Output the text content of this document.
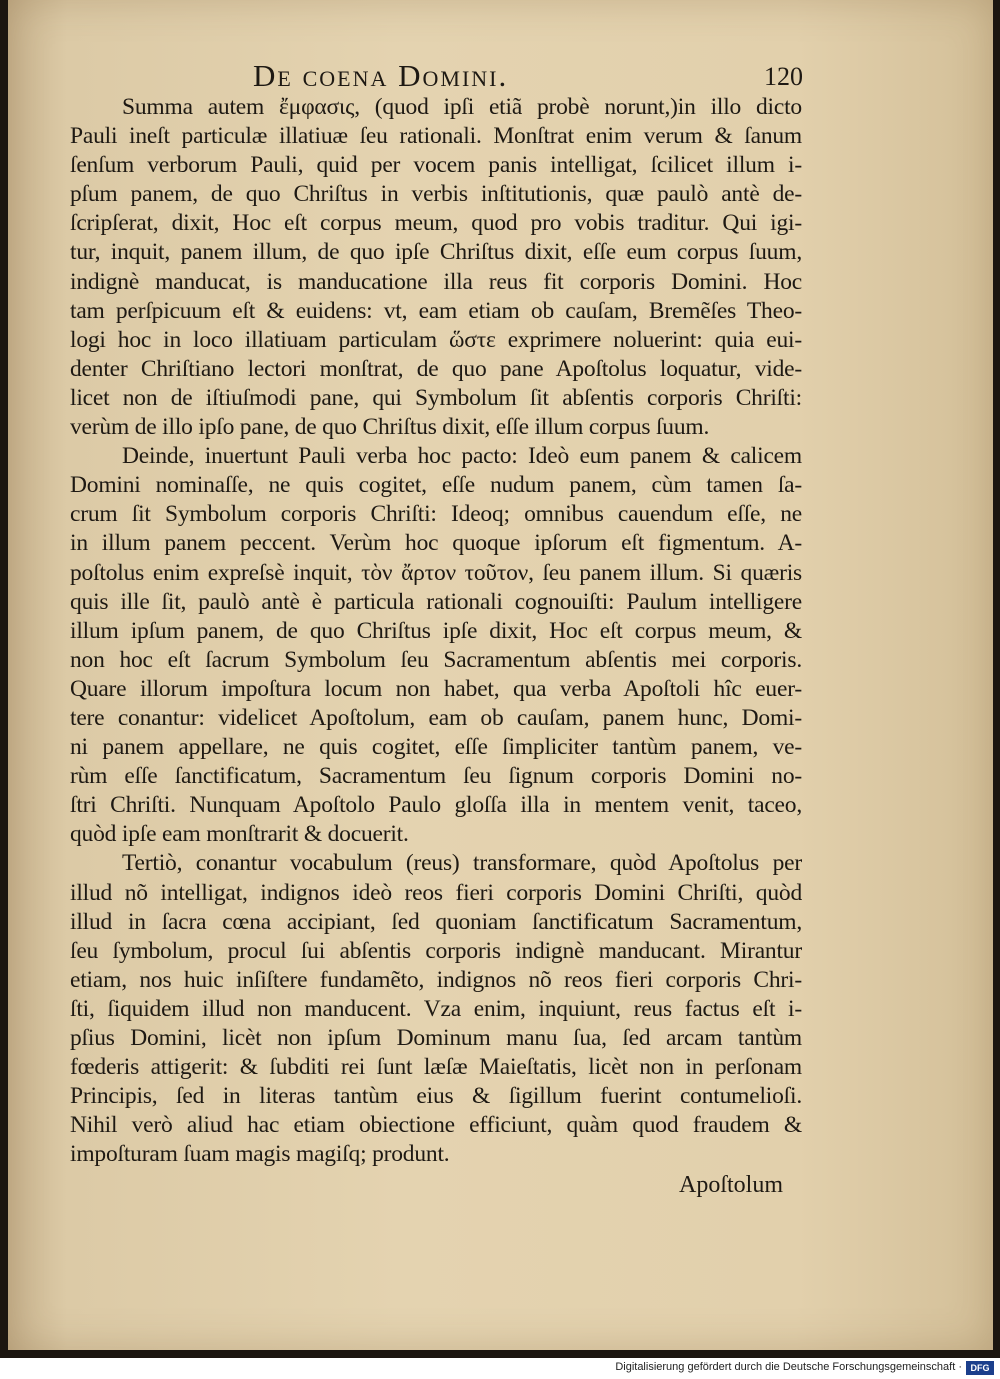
De coena Domini.	120
Summa autem ἔμφασις, (quod ipſi etiã probè norunt,)in illo dicto
Pauli ineſt particulæ illatiuæ ſeu rationali. Monſtrat enim verum & ſanum
ſenſum verborum Pauli, quid per vocem panis intelligat, ſcilicet illum i-
pſum panem, de quo Chriſtus in verbis inſtitutionis, quæ paulò antè de-
ſcripſerat, dixit, Hoc eſt corpus meum, quod pro vobis traditur. Qui igi-
tur, inquit, panem illum, de quo ipſe Chriſtus dixit, eſſe eum corpus ſuum,
indignè manducat, is manducatione illa reus fit corporis Domini. Hoc
tam perſpicuum eſt & euidens: vt, eam etiam ob cauſam, Bremẽſes Theo-
logi hoc in loco illatiuam particulam ὥστε exprimere noluerint: quia eui-
denter Chriſtiano lectori monſtrat, de quo pane Apoſtolus loquatur, vide-
licet non de iſtiuſmodi pane, qui Symbolum ſit abſentis corporis Chriſti:
verùm de illo ipſo pane, de quo Chriſtus dixit, eſſe illum corpus ſuum.
Deinde, inuertunt Pauli verba hoc pacto: Ideò eum panem & calicem
Domini nominaſſe, ne quis cogitet, eſſe nudum panem, cùm tamen ſa-
crum ſit Symbolum corporis Chriſti: Ideoq; omnibus cauendum eſſe, ne
in illum panem peccent. Verùm hoc quoque ipſorum eſt figmentum. A-
poſtolus enim expreſsè inquit, τὸν ἄρτον τοῦτον, ſeu panem illum. Si quæris
quis ille ſit, paulò antè è particula rationali cognouiſti: Paulum intelligere
illum ipſum panem, de quo Chriſtus ipſe dixit, Hoc eſt corpus meum, &
non hoc eſt ſacrum Symbolum ſeu Sacramentum abſentis mei corporis.
Quare illorum impoſtura locum non habet, qua verba Apoſtoli hîc euer-
tere conantur: videlicet Apoſtolum, eam ob cauſam, panem hunc, Domi-
ni panem appellare, ne quis cogitet, eſſe ſimpliciter tantùm panem, ve-
rùm eſſe ſanctificatum, Sacramentum ſeu ſignum corporis Domini no-
ſtri Chriſti. Nunquam Apoſtolo Paulo gloſſa illa in mentem venit, taceo,
quòd ipſe eam monſtrarit & docuerit.
Tertiò, conantur vocabulum (reus) transformare, quòd Apoſtolus per
illud nõ intelligat, indignos ideò reos fieri corporis Domini Chriſti, quòd
illud in ſacra cœna accipiant, ſed quoniam ſanctificatum Sacramentum,
ſeu ſymbolum, procul ſui abſentis corporis indignè manducant. Mirantur
etiam, nos huic inſiſtere fundamẽto, indignos nõ reos fieri corporis Chri-
ſti, ſiquidem illud non manducent. Vza enim, inquiunt, reus factus eſt i-
pſius Domini, licèt non ipſum Dominum manu ſua, ſed arcam tantùm
fœderis attigerit: & ſubditi rei ſunt læſæ Maieſtatis, licèt non in perſonam
Principis, ſed in literas tantùm eius & ſigillum fuerint contumelioſi.
Nihil verò aliud hac etiam obiectione efficiunt, quàm quod fraudem &
impoſturam ſuam magis magiſq; produnt.
Apoſtolum
Digitalisierung gefördert durch die Deutsche Forschungsgemeinschaft · DFG
